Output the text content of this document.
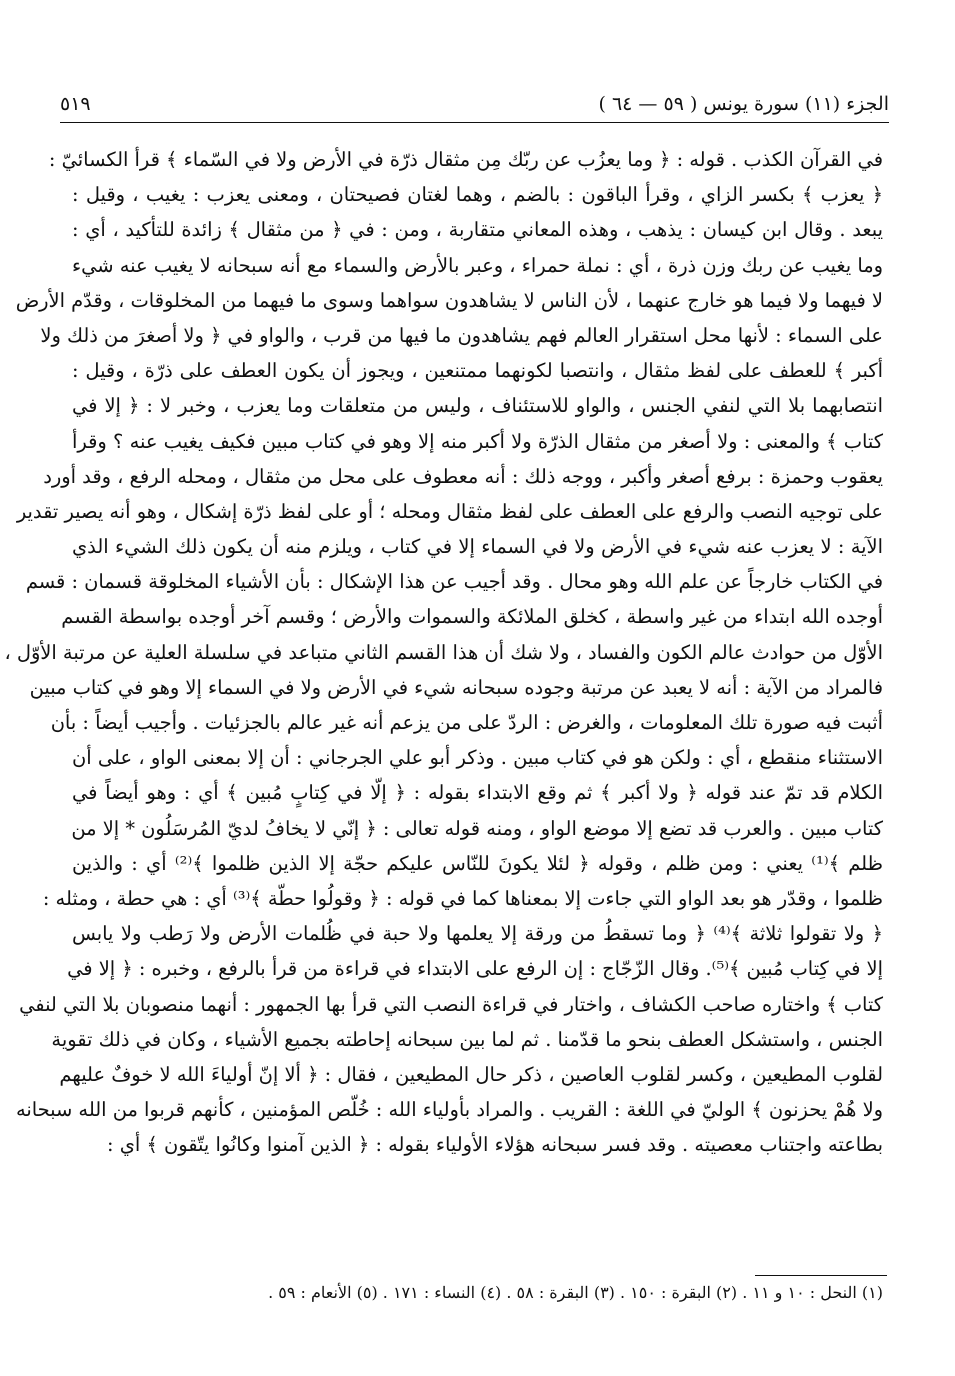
الجزء (١١) سورة يونس ( ٥٩ — ٦٤ )
٥١٩
في القرآن الكذب . قوله : ﴿ وما يعزُب عن ربّك مِن مثقال ذرّة في الأرض ولا في السّماء ﴾ قرأ الكسائيّ :
﴿ يعزب ﴾ بكسر الزاي ، وقرأ الباقون : بالضم ، وهما لغتان فصيحتان ، ومعنى يعزب : يغيب ، وقيل :
يبعد . وقال ابن كيسان : يذهب ، وهذه المعاني متقاربة ، ومن : في ﴿ من مثقال ﴾ زائدة للتأكيد ، أي :
وما يغيب عن ربك وزن ذرة ، أي : نملة حمراء ، وعبر بالأرض والسماء مع أنه سبحانه لا يغيب عنه شيء
لا فيهما ولا فيما هو خارج عنهما ، لأن الناس لا يشاهدون سواهما وسوى ما فيهما من المخلوقات ، وقدّم الأرض
على السماء : لأنها محل استقرار العالم فهم يشاهدون ما فيها من قرب ، والواو في ﴿ ولا أصغرَ من ذلك ولا
أكبر ﴾ للعطف على لفظ مثقال ، وانتصبا لكونهما ممتنعين ، ويجوز أن يكون العطف على ذرّة ، وقيل :
انتصابهما بلا التي لنفي الجنس ، والواو للاستئناف ، وليس من متعلقات وما يعزب ، وخبر لا : ﴿ إلا في
كتاب ﴾ والمعنى : ولا أصغر من مثقال الذرّة ولا أكبر منه إلا وهو في كتاب مبين فكيف يغيب عنه ؟ وقرأ
يعقوب وحمزة : برفع أصغر وأكبر ، ووجه ذلك : أنه معطوف على محل من مثقال ، ومحله الرفع ، وقد أورد
على توجيه النصب والرفع على العطف على لفظ مثقال ومحله ؛ أو على لفظ ذرّة إشكال ، وهو أنه يصير تقدير
الآية : لا يعزب عنه شيء في الأرض ولا في السماء إلا في كتاب ، ويلزم منه أن يكون ذلك الشيء الذي
في الكتاب خارجاً عن علم الله وهو محال . وقد أجيب عن هذا الإشكال : بأن الأشياء المخلوقة قسمان : قسم
أوجده الله ابتداء من غير واسطة ، كخلق الملائكة والسموات والأرض ؛ وقسم آخر أوجده بواسطة القسم
الأوّل من حوادث عالم الكون والفساد ، ولا شك أن هذا القسم الثاني متباعد في سلسلة العلية عن مرتبة الأوّل ،
فالمراد من الآية : أنه لا يعبد عن مرتبة وجوده سبحانه شيء في الأرض ولا في السماء إلا وهو في كتاب مبين
أثبت فيه صورة تلك المعلومات ، والغرض : الردّ على من يزعم أنه غير عالم بالجزئيات . وأجيب أيضاً : بأن
الاستثناء منقطع ، أي : ولكن هو في كتاب مبين . وذكر أبو علي الجرجاني : أن إلا بمعنى الواو ، على أن
الكلام قد تمّ عند قوله ﴿ ولا أكبر ﴾ ثم وقع الابتداء بقوله : ﴿ إلّا في كِتابٍ مُبين ﴾ أي : وهو أيضاً في
كتاب مبين . والعرب قد تضع إلا موضع الواو ، ومنه قوله تعالى : ﴿ إنّي لا يخافُ لديّ المُرسَلُون * إلا من
ظلم ﴾⁽¹⁾ يعني : ومن ظلم ، وقوله ﴿ لئلا يكونَ للنّاس عليكم حجّة إلا الذين ظلموا ﴾⁽²⁾ أي : والذين
ظلموا ، وقدّر هو بعد الواو التي جاءت إلا بمعناها كما في قوله : ﴿ وقولُوا حطّة ﴾⁽³⁾ أي : هي حطة ، ومثله :
﴿ ولا تقولوا ثلاثة ﴾⁽⁴⁾ ﴿ وما تسقطُ من ورقة إلا يعلمها ولا حبة في ظُلمات الأرض ولا رَطب ولا يابس
إلا في كِتاب مُبين ﴾⁽⁵⁾. وقال الزّجّاج : إن الرفع على الابتداء في قراءة من قرأ بالرفع ، وخبره : ﴿ إلا في
كتاب ﴾ واختاره صاحب الكشاف ، واختار في قراءة النصب التي قرأ بها الجمهور : أنهما منصوبان بلا التي لنفي
الجنس ، واستشكل العطف بنحو ما قدّمنا . ثم لما بين سبحانه إحاطته بجميع الأشياء ، وكان في ذلك تقوية
لقلوب المطيعين ، وكسر لقلوب العاصين ، ذكر حال المطيعين ، فقال : ﴿ ألا إنّ أولياءَ الله لا خوفٌ عليهم
ولا هُمْ يحزنون ﴾ الوليّ في اللغة : القريب . والمراد بأولياء الله : خُلّص المؤمنين ، كأنهم قربوا من الله سبحانه
بطاعته واجتناب معصيته . وقد فسر سبحانه هؤلاء الأولياء بقوله : ﴿ الذين آمنوا وكانُوا يتّقون ﴾ أي :
(١) النحل : ١٠ و ١١ . (٢) البقرة : ١٥٠ . (٣) البقرة : ٥٨ . (٤) النساء : ١٧١ . (٥) الأنعام : ٥٩ .
